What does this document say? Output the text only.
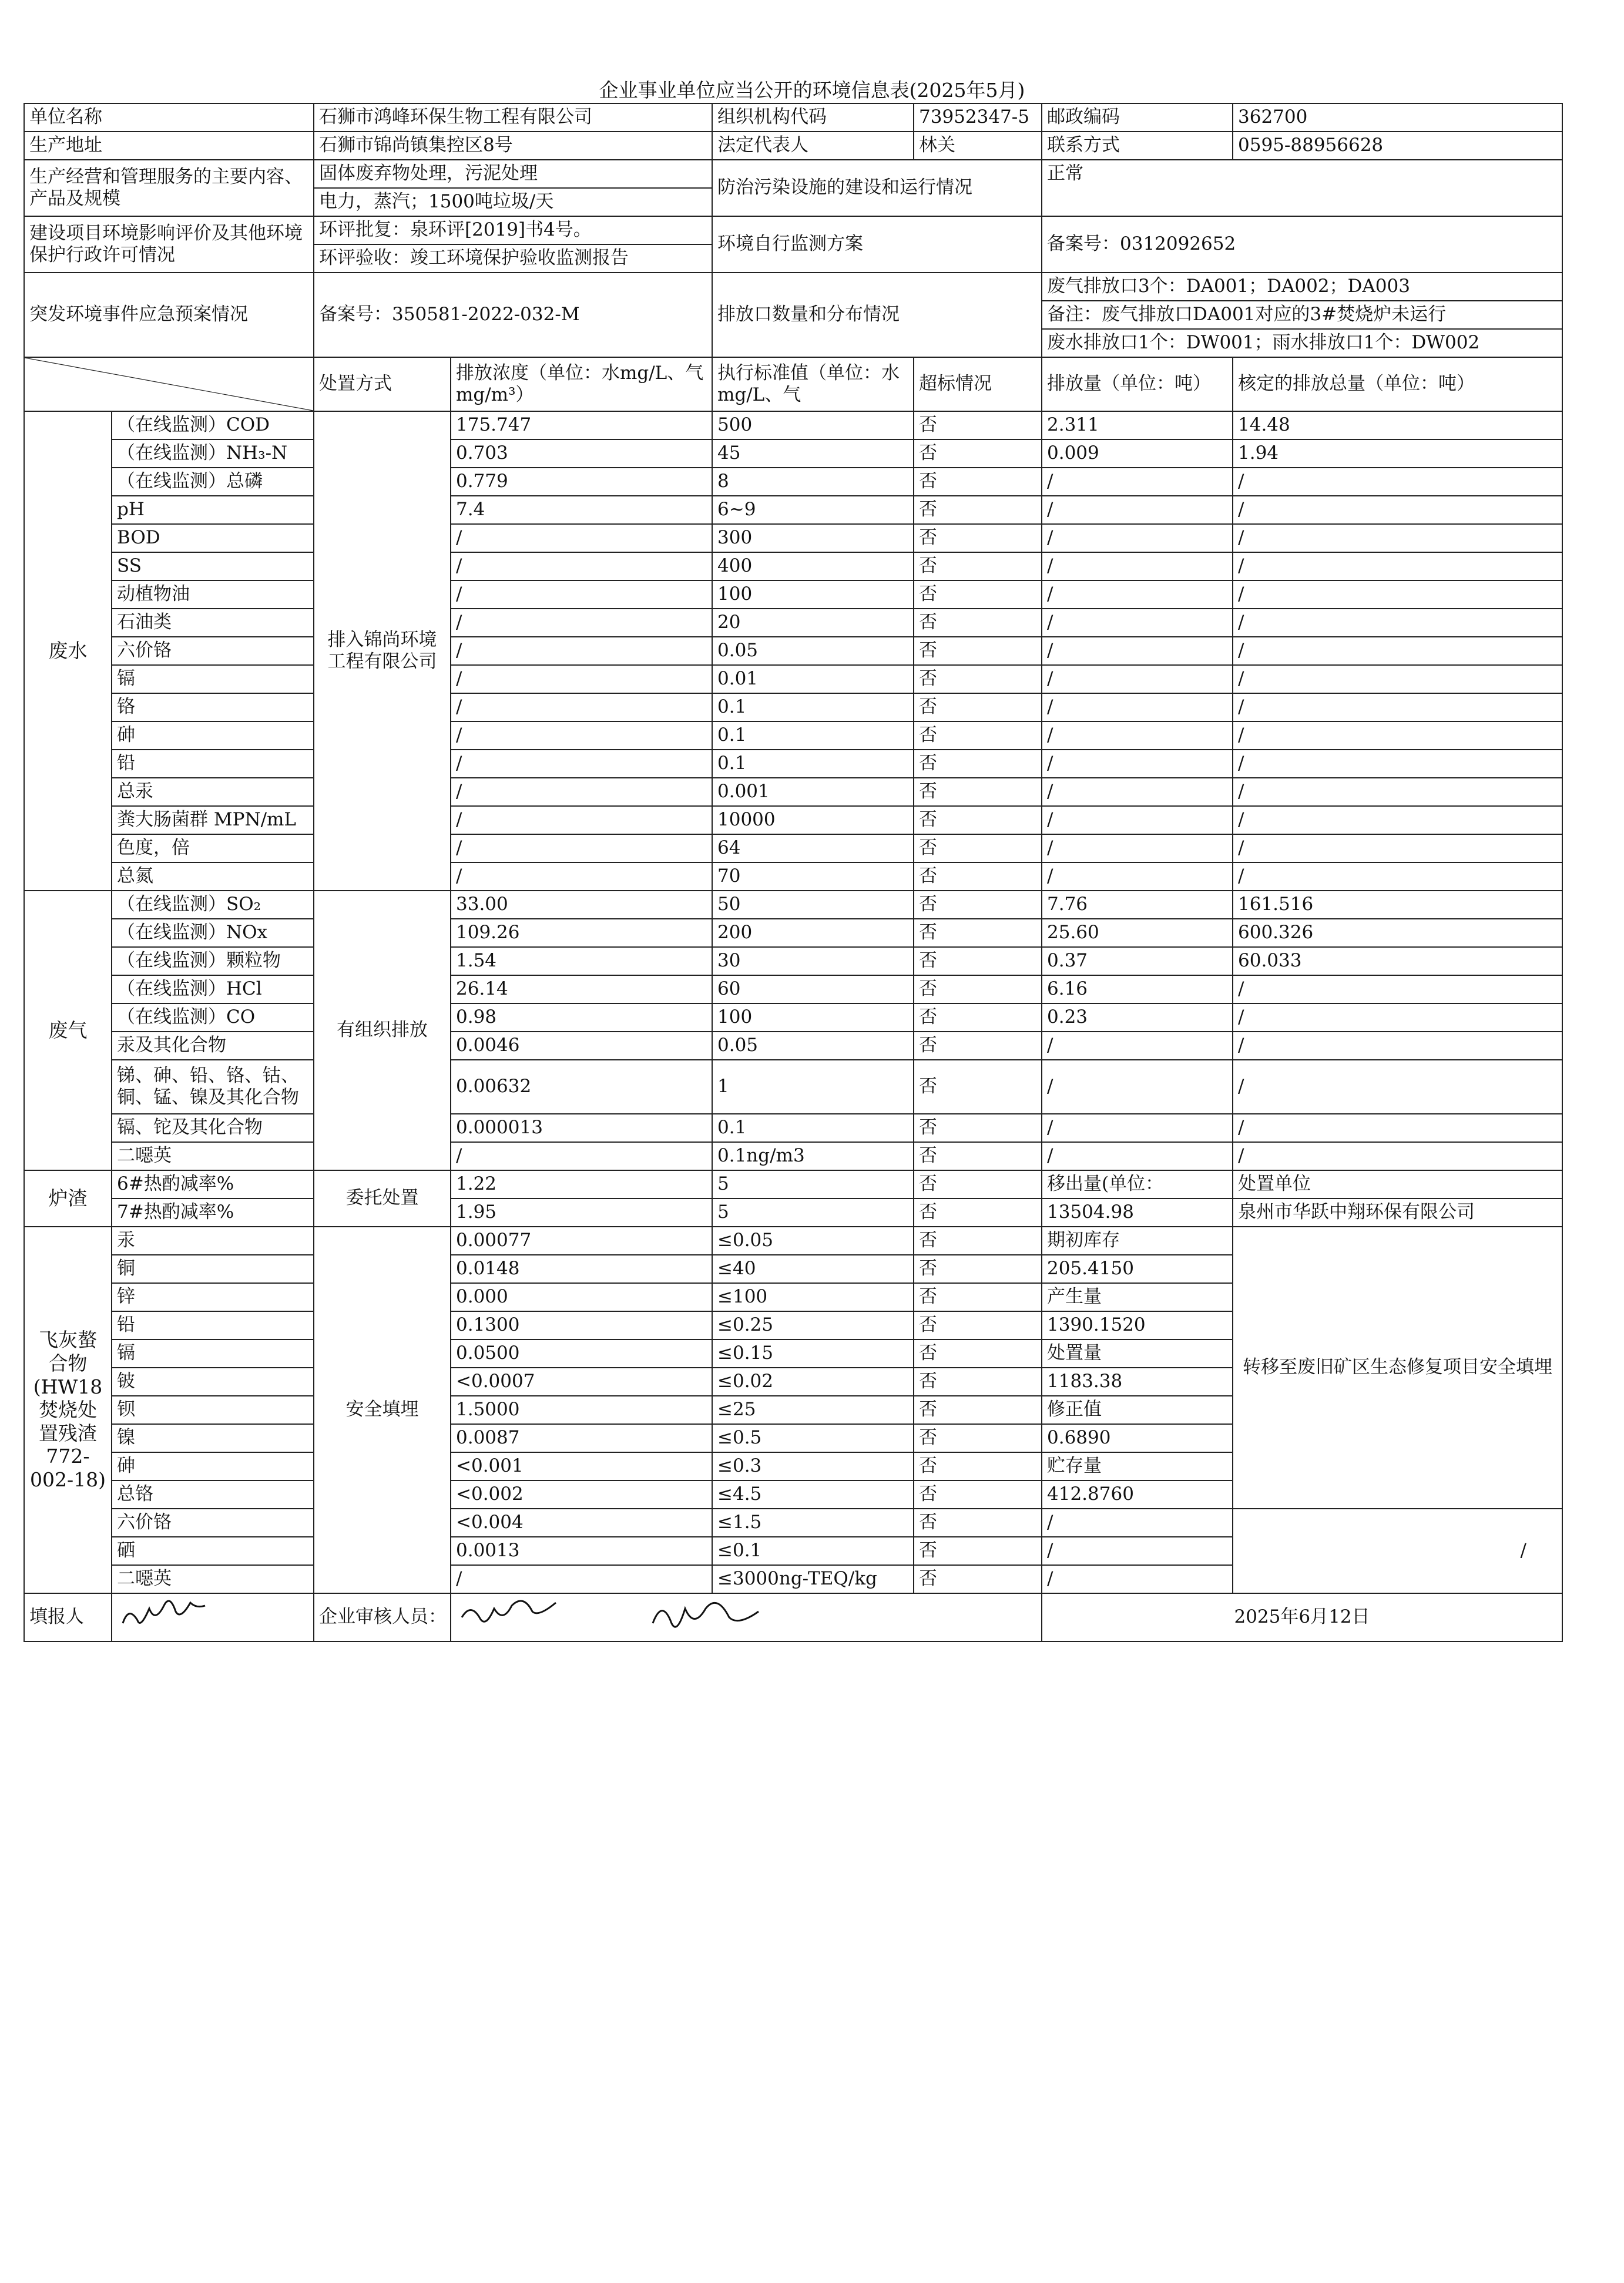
企业事业单位应当公开的环境信息表(2025年5月)
单位名称		石狮市鸿峰环保生物工程有限公司		组织机构代码	73952347-5	邮政编码	362700
生产地址		石狮市锦尚镇集控区8号		法定代表人	林关	联系方式	0595-88956628
生产经营和管理服务的主要内容、产品及规模		固体废弃物处理，污泥处理		防治污染设施的建设和运行情况		正常	
		电力，蒸汽；1500吨垃圾/天					
建设项目环境影响评价及其他环境保护行政许可情况		环评批复：泉环评[2019]书4号。		环境自行监测方案		备案号：0312092652	
		环评验收：竣工环境保护验收监测报告					
突发环境事件应急预案情况		备案号：350581-2022-032-M		排放口数量和分布情况		废气排放口3个：DA001；DA002；DA003	
						备注：废气排放口DA001对应的3#焚烧炉未运行	
						废水排放口1个：DW001；雨水排放口1个：DW002	

	处置方式	排放浓度（单位：水mg/L、气mg/m³）	执行标准值（单位：水mg/L、气	超标情况	排放量（单位：吨）	核定的排放总量（单位：吨）
废水	（在线监测）COD	排入锦尚环境工程有限公司	175.747	500	否	2.311	14.48
	（在线监测）NH₃-N		0.703	45	否	0.009	1.94
	（在线监测）总磷		0.779	8	否	/	/
	pH		7.4	6~9	否	/	/
	BOD		/	300	否	/	/
	SS		/	400	否	/	/
	动植物油		/	100	否	/	/
	石油类		/	20	否	/	/
	六价铬		/	0.05	否	/	/
	镉		/	0.01	否	/	/
	铬		/	0.1	否	/	/
	砷		/	0.1	否	/	/
	铅		/	0.1	否	/	/
	总汞		/	0.001	否	/	/
	粪大肠菌群 MPN/mL		/	10000	否	/	/
	色度，倍		/	64	否	/	/
	总氮		/	70	否	/	/
废气	（在线监测）SO₂	有组织排放	33.00	50	否	7.76	161.516
	（在线监测）NOx		109.26	200	否	25.60	600.326
	（在线监测）颗粒物		1.54	30	否	0.37	60.033
	（在线监测）HCl		26.14	60	否	6.16	/
	（在线监测）CO		0.98	100	否	0.23	/
	汞及其化合物		0.0046	0.05	否	/	/
	锑、砷、铅、铬、钴、铜、锰、镍及其化合物		0.00632	1	否	/	/
	镉、铊及其化合物		0.000013	0.1	否	/	/
	二噁英		/	0.1ng/m3	否	/	/
炉渣	6#热酌减率%	委托处置	1.22	5	否	移出量(单位：	处置单位
	7#热酌减率%		1.95	5	否	13504.98	泉州市华跃中翔环保有限公司
飞灰螯合物(HW18焚烧处置残渣772-002-18)	汞	安全填埋	0.00077	≤0.05	否	期初库存	转移至废旧矿区生态修复项目安全填埋
	铜		0.0148	≤40	否	205.4150	
	锌		0.000	≤100	否	产生量	
	铅		0.1300	≤0.25	否	1390.1520	
	镉		0.0500	≤0.15	否	处置量	
	铍		<0.0007	≤0.02	否	1183.38	
	钡		1.5000	≤25	否	修正值	
	镍		0.0087	≤0.5	否	0.6890	
	砷		<0.001	≤0.3	否	贮存量	
	总铬		<0.002	≤4.5	否	412.8760	
	六价铬		<0.004	≤1.5	否	/	/
	硒		0.0013	≤0.1	否	/	
	二噁英		/	≤3000ng-TEQ/kg	否	/	
填报人		企业审核人员：				2025年6月12日	
